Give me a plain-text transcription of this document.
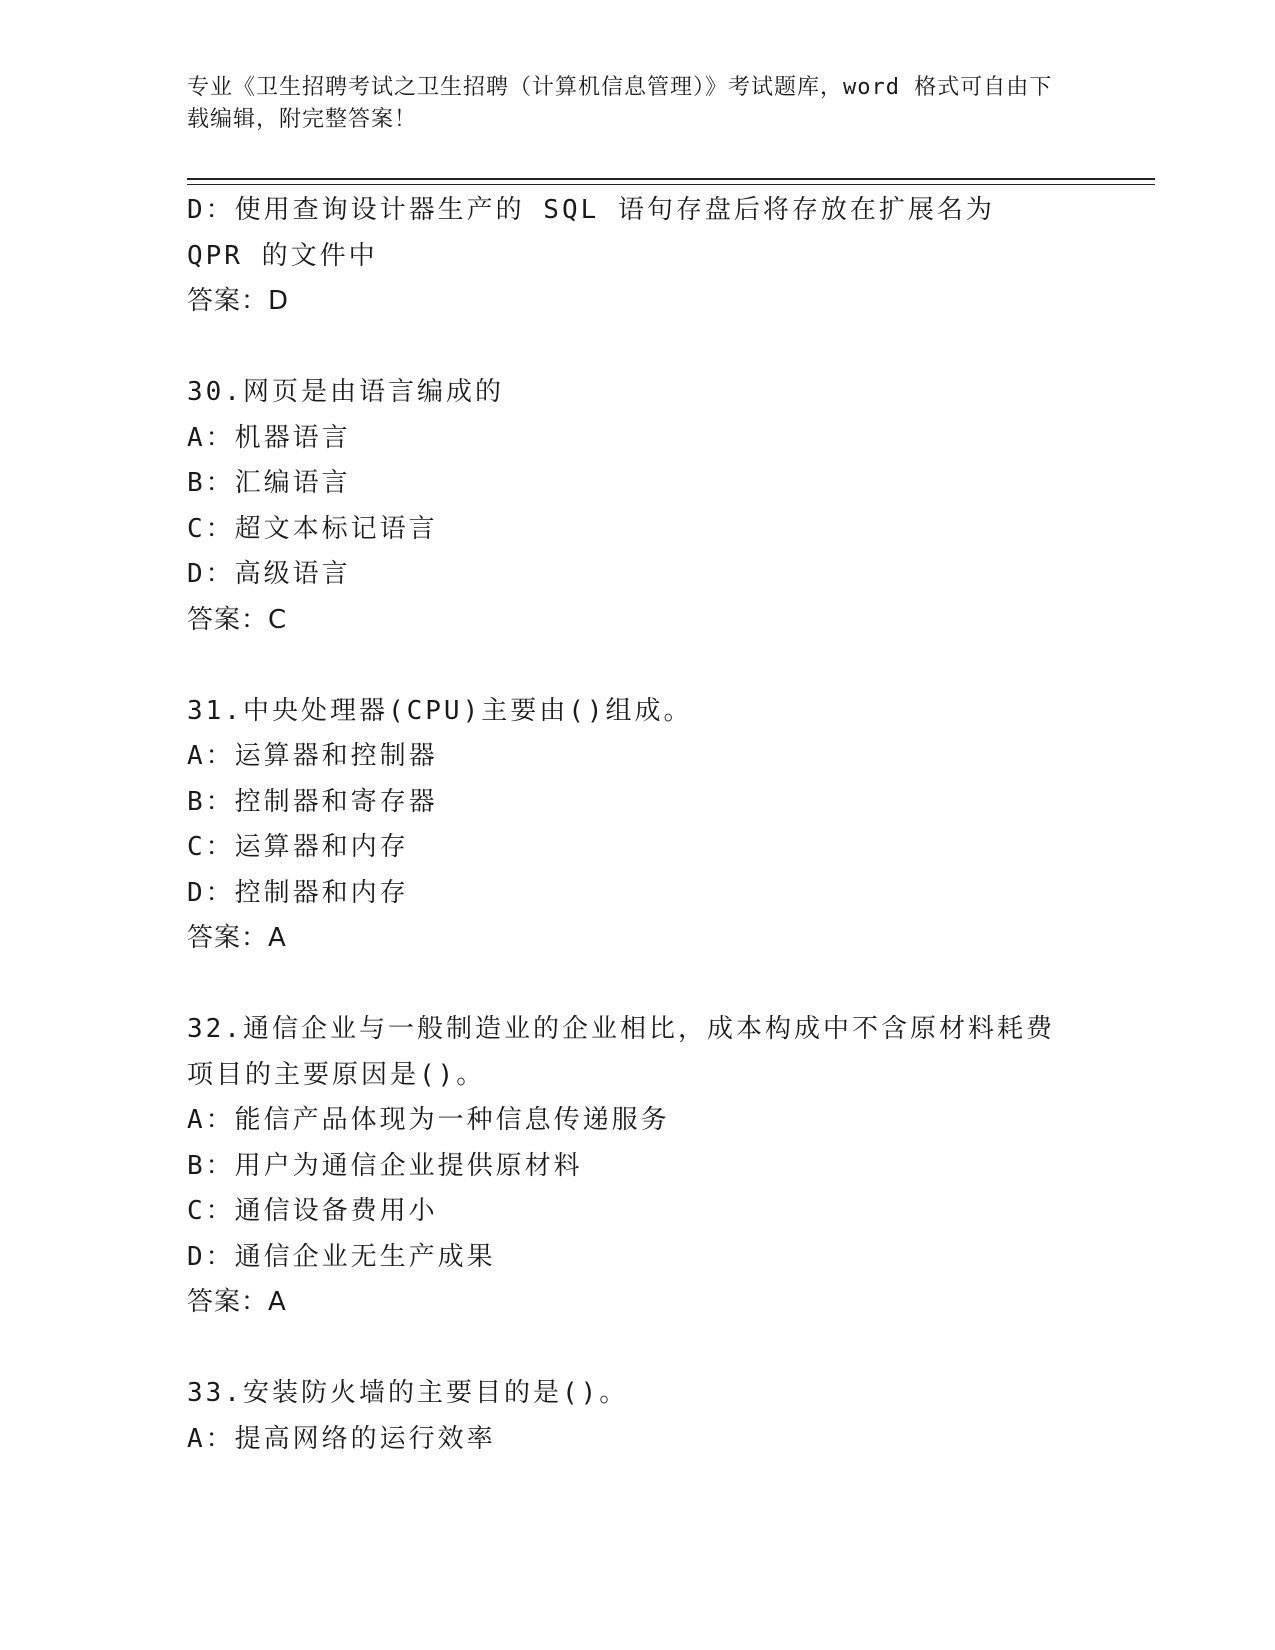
专业《卫生招聘考试之卫生招聘（计算机信息管理）》考试题库，word 格式可自由下载编辑，附完整答案！
D：使用查询设计器生产的 SQL 语句存盘后将存放在扩展名为 QPR 的文件中
答案：D
30.网页是由语言编成的
A：机器语言
B：汇编语言
C：超文本标记语言
D：高级语言
答案：C
31.中央处理器(CPU)主要由()组成。
A：运算器和控制器
B：控制器和寄存器
C：运算器和内存
D：控制器和内存
答案：A
32.通信企业与一般制造业的企业相比，成本构成中不含原材料耗费项目的主要原因是()。
A：能信产品体现为一种信息传递服务
B：用户为通信企业提供原材料
C：通信设备费用小
D：通信企业无生产成果
答案：A
33.安装防火墙的主要目的是()。
A：提高网络的运行效率
